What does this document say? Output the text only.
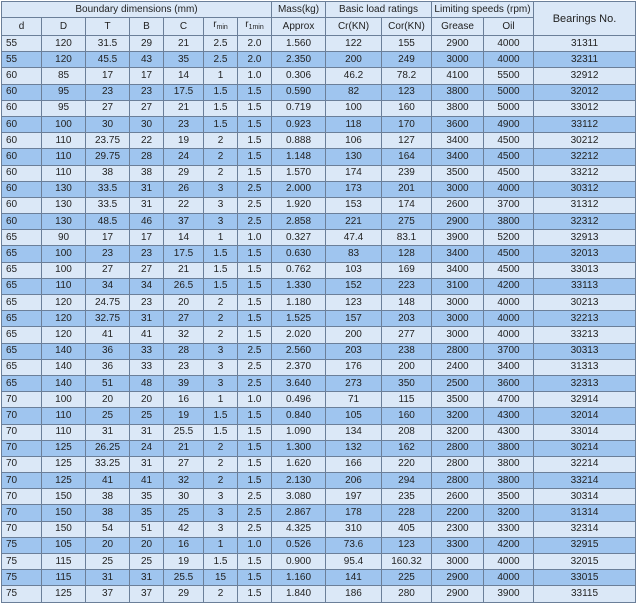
Boundary dimensions (mm)							Mass(kg)	Basic load ratings		Limiting speeds (rpm)		Bearings No.
d	D	T	B	C	$r_{min}$	$r_{1min}$	Approx	Cr(KN)	Cor(KN)	Grease	Oil	
55	120	31.5	29	21	2.5	2.0	1.560	122	155	2900	4000	31311
55	120	45.5	43	35	2.5	2.0	2.350	200	249	3000	4000	32311
60	85	17	17	14	1	1.0	0.306	46.2	78.2	4100	5500	32912
60	95	23	23	17.5	1.5	1.5	0.590	82	123	3800	5000	32012
60	95	27	27	21	1.5	1.5	0.719	100	160	3800	5000	33012
60	100	30	30	23	1.5	1.5	0.923	118	170	3600	4900	33112
60	110	23.75	22	19	2	1.5	0.888	106	127	3400	4500	30212
60	110	29.75	28	24	2	1.5	1.148	130	164	3400	4500	32212
60	110	38	38	29	2	1.5	1.570	174	239	3500	4500	33212
60	130	33.5	31	26	3	2.5	2.000	173	201	3000	4000	30312
60	130	33.5	31	22	3	2.5	1.920	153	174	2600	3700	31312
60	130	48.5	46	37	3	2.5	2.858	221	275	2900	3800	32312
65	90	17	17	14	1	1.0	0.327	47.4	83.1	3900	5200	32913
65	100	23	23	17.5	1.5	1.5	0.630	83	128	3400	4500	32013
65	100	27	27	21	1.5	1.5	0.762	103	169	3400	4500	33013
65	110	34	34	26.5	1.5	1.5	1.330	152	223	3100	4200	33113
65	120	24.75	23	20	2	1.5	1.180	123	148	3000	4000	30213
65	120	32.75	31	27	2	1.5	1.525	157	203	3000	4000	32213
65	120	41	41	32	2	1.5	2.020	200	277	3000	4000	33213
65	140	36	33	28	3	2.5	2.560	203	238	2800	3700	30313
65	140	36	33	23	3	2.5	2.370	176	200	2400	3400	31313
65	140	51	48	39	3	2.5	3.640	273	350	2500	3600	32313
70	100	20	20	16	1	1.0	0.496	71	115	3500	4700	32914
70	110	25	25	19	1.5	1.5	0.840	105	160	3200	4300	32014
70	110	31	31	25.5	1.5	1.5	1.090	134	208	3200	4300	33014
70	125	26.25	24	21	2	1.5	1.300	132	162	2800	3800	30214
70	125	33.25	31	27	2	1.5	1.620	166	220	2800	3800	32214
70	125	41	41	32	2	1.5	2.130	206	294	2800	3800	33214
70	150	38	35	30	3	2.5	3.080	197	235	2600	3500	30314
70	150	38	35	25	3	2.5	2.867	178	228	2200	3200	31314
70	150	54	51	42	3	2.5	4.325	310	405	2300	3300	32314
75	105	20	20	16	1	1.0	0.526	73.6	123	3300	4200	32915
75	115	25	25	19	1.5	1.5	0.900	95.4	160.32	3000	4000	32015
75	115	31	31	25.5	15	1.5	1.160	141	225	2900	4000	33015
75	125	37	37	29	2	1.5	1.840	186	280	2900	3900	33115
